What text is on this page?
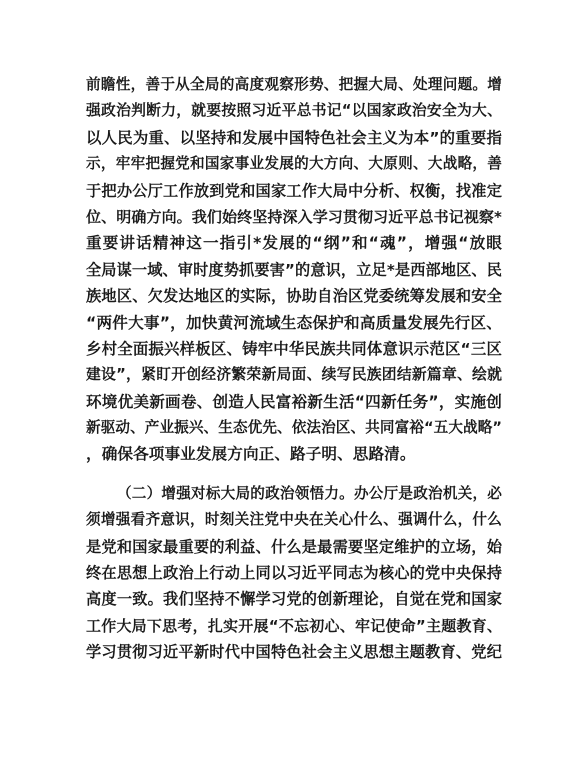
前瞻性，善于从全局的高度观察形势、把握大局、处理问题。增
强政治判断力，就要按照习近平总书记“以国家政治安全为大、
以人民为重、以坚持和发展中国特色社会主义为本”的重要指
示，牢牢把握党和国家事业发展的大方向、大原则、大战略，善
于把办公厅工作放到党和国家工作大局中分析、权衡，找准定
位、明确方向。我们始终坚持深入学习贯彻习近平总书记视察*
重要讲话精神这一指引*发展的“纲”和“魂”，增强“放眼
全局谋一域、审时度势抓要害”的意识，立足*是西部地区、民
族地区、欠发达地区的实际，协助自治区党委统筹发展和安全
“两件大事”，加快黄河流域生态保护和高质量发展先行区、
乡村全面振兴样板区、铸牢中华民族共同体意识示范区“三区
建设”，紧盯开创经济繁荣新局面、续写民族团结新篇章、绘就
环境优美新画卷、创造人民富裕新生活“四新任务”，实施创
新驱动、产业振兴、生态优先、依法治区、共同富裕“五大战略”
，确保各项事业发展方向正、路子明、思路清。
（二）增强对标大局的政治领悟力。办公厅是政治机关，必
须增强看齐意识，时刻关注党中央在关心什么、强调什么，什么
是党和国家最重要的利益、什么是最需要坚定维护的立场，始
终在思想上政治上行动上同以习近平同志为核心的党中央保持
高度一致。我们坚持不懈学习党的创新理论，自觉在党和国家
工作大局下思考，扎实开展“不忘初心、牢记使命”主题教育、
学习贯彻习近平新时代中国特色社会主义思想主题教育、党纪
